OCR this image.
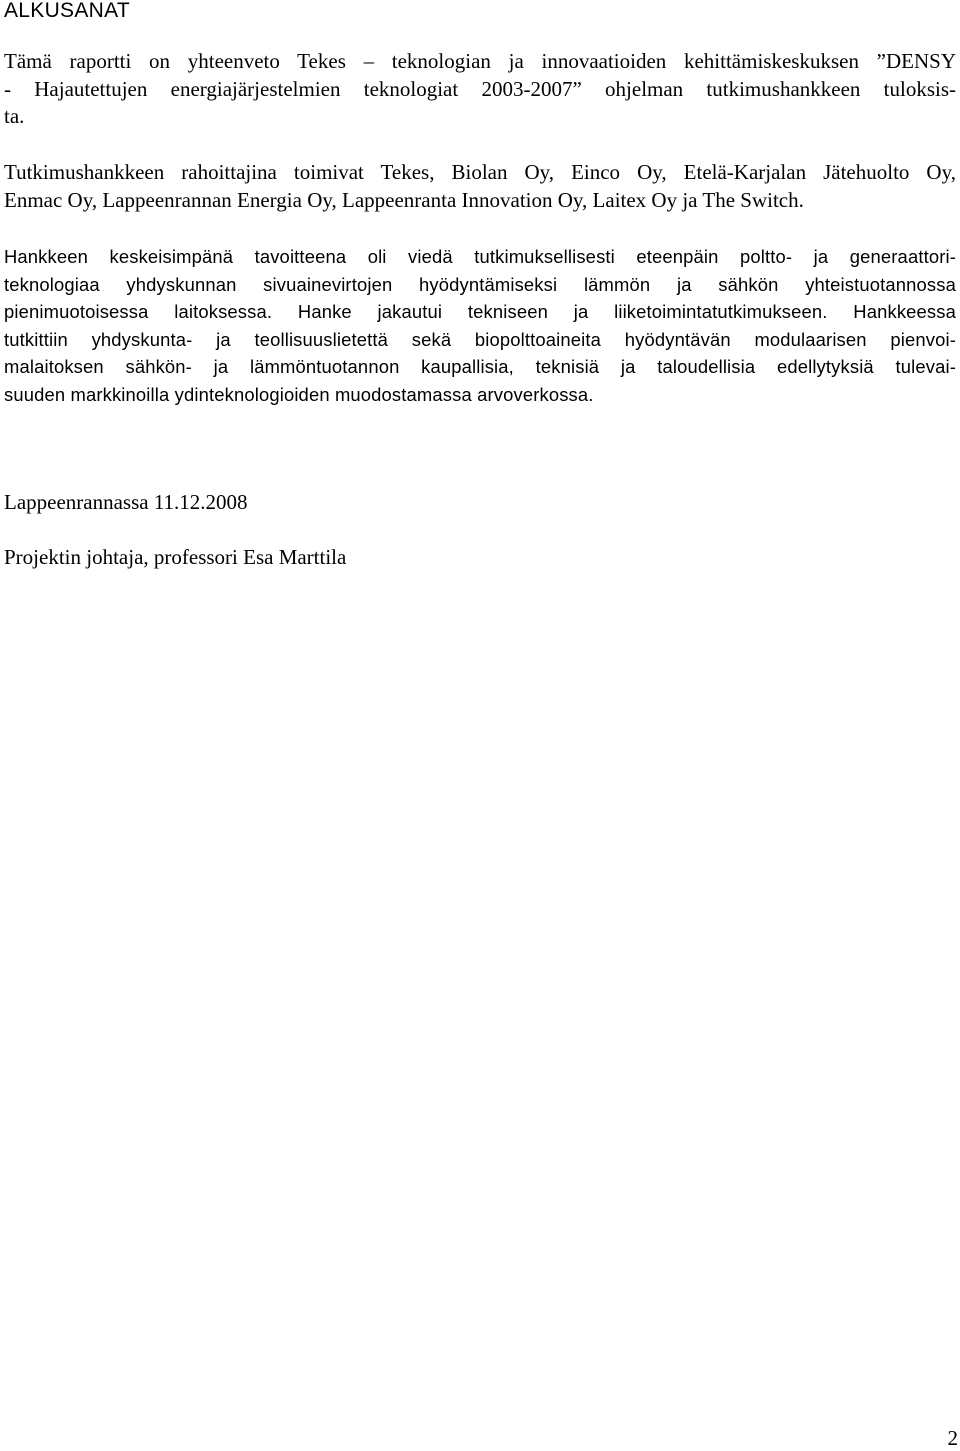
ALKUSANAT
Tämä raportti on yhteenveto Tekes – teknologian ja innovaatioiden kehittämiskeskuksen ”DENSY
- Hajautettujen energiajärjestelmien teknologiat 2003-2007” ohjelman tutkimushankkeen tuloksis-
ta.
Tutkimushankkeen rahoittajina toimivat Tekes, Biolan Oy, Einco Oy, Etelä-Karjalan Jätehuolto Oy,
Enmac Oy, Lappeenrannan Energia Oy, Lappeenranta Innovation Oy, Laitex Oy ja The Switch.
Hankkeen keskeisimpänä tavoitteena oli viedä tutkimuksellisesti eteenpäin poltto- ja generaattori-
teknologiaa yhdyskunnan sivuainevirtojen hyödyntämiseksi lämmön ja sähkön yhteistuotannossa
pienimuotoisessa laitoksessa. Hanke jakautui tekniseen ja liiketoimintatutkimukseen. Hankkeessa
tutkittiin yhdyskunta- ja teollisuuslietettä sekä biopolttoaineita hyödyntävän modulaarisen pienvoi-
malaitoksen sähkön- ja lämmöntuotannon kaupallisia, teknisiä ja taloudellisia edellytyksiä tulevai-
suuden markkinoilla ydinteknologioiden muodostamassa arvoverkossa.

Lappeenrannassa 11.12.2008

Projektin johtaja, professori Esa Marttila

2
